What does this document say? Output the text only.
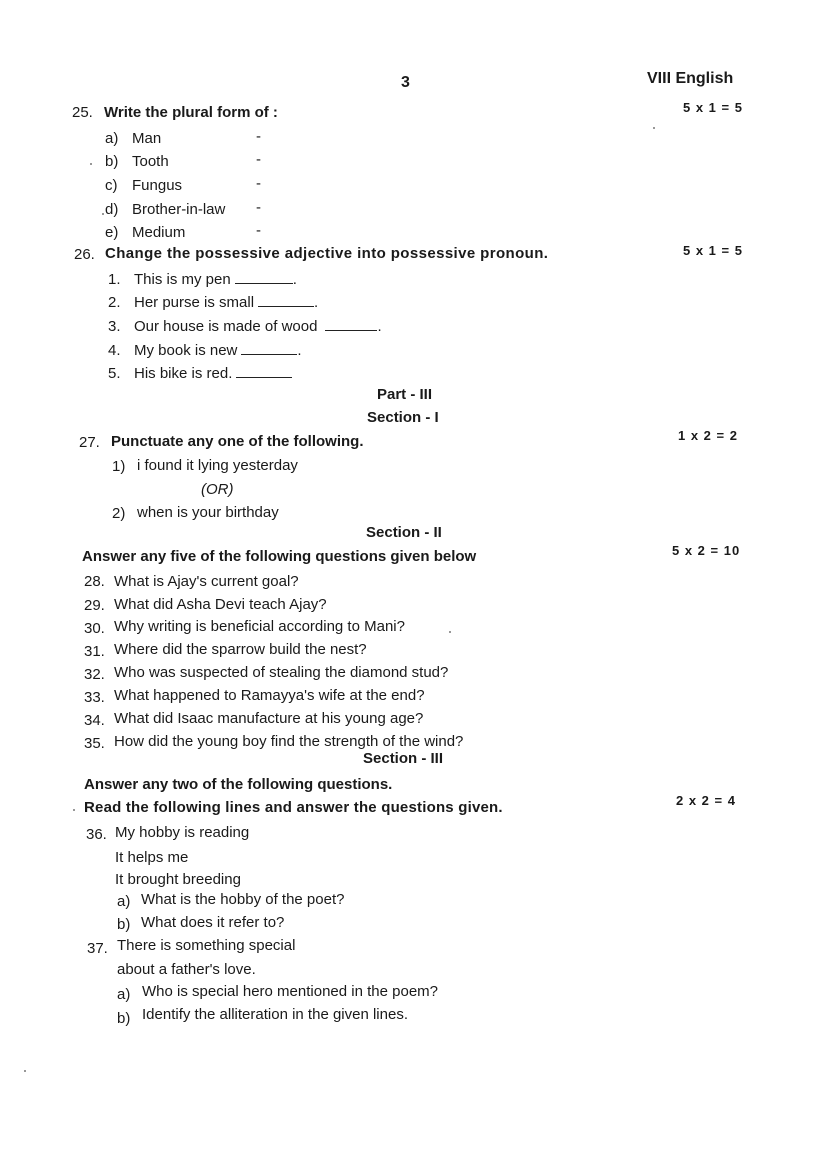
3	VIII English
25. Write the plural form of :	5 x 1 = 5
a) Man	-
b) Tooth	-
c) Fungus	-
d) Brother-in-law -
e) Medium	-
26. Change the possessive adjective into possessive pronoun.	5 x 1 = 5
1. This is my pen	.
2. Her purse is small	.
3. Our house is made of wood	.
4. My book is new	.
5. His bike is red.
Part - III
Section - I
27. Punctuate any one of the following.	1 x 2 = 2
1) i found it lying yesterday
(OR)
2) when is your birthday
Section - II
Answer any five of the following questions given below	5 x 2 = 10
28. What is Ajay's current goal?
29. What did Asha Devi teach Ajay?
30. Why writing is beneficial according to Mani?
31. Where did the sparrow build the nest?
32. Who was suspected of stealing the diamond stud?
33. What happened to Ramayya's wife at the end?
34. What did Isaac manufacture at his young age?
35. How did the young boy find the strength of the wind?
Section - III
Answer any two of the following questions.
Read the following lines and answer the questions given.	2 x 2 = 4
36. My hobby is reading
It helps me
It brought breeding
a) What is the hobby of the poet?
b) What does it refer to?
37. There is something special
about a father's love.
a) Who is special hero mentioned in the poem?
b) Identify the alliteration in the given lines.
